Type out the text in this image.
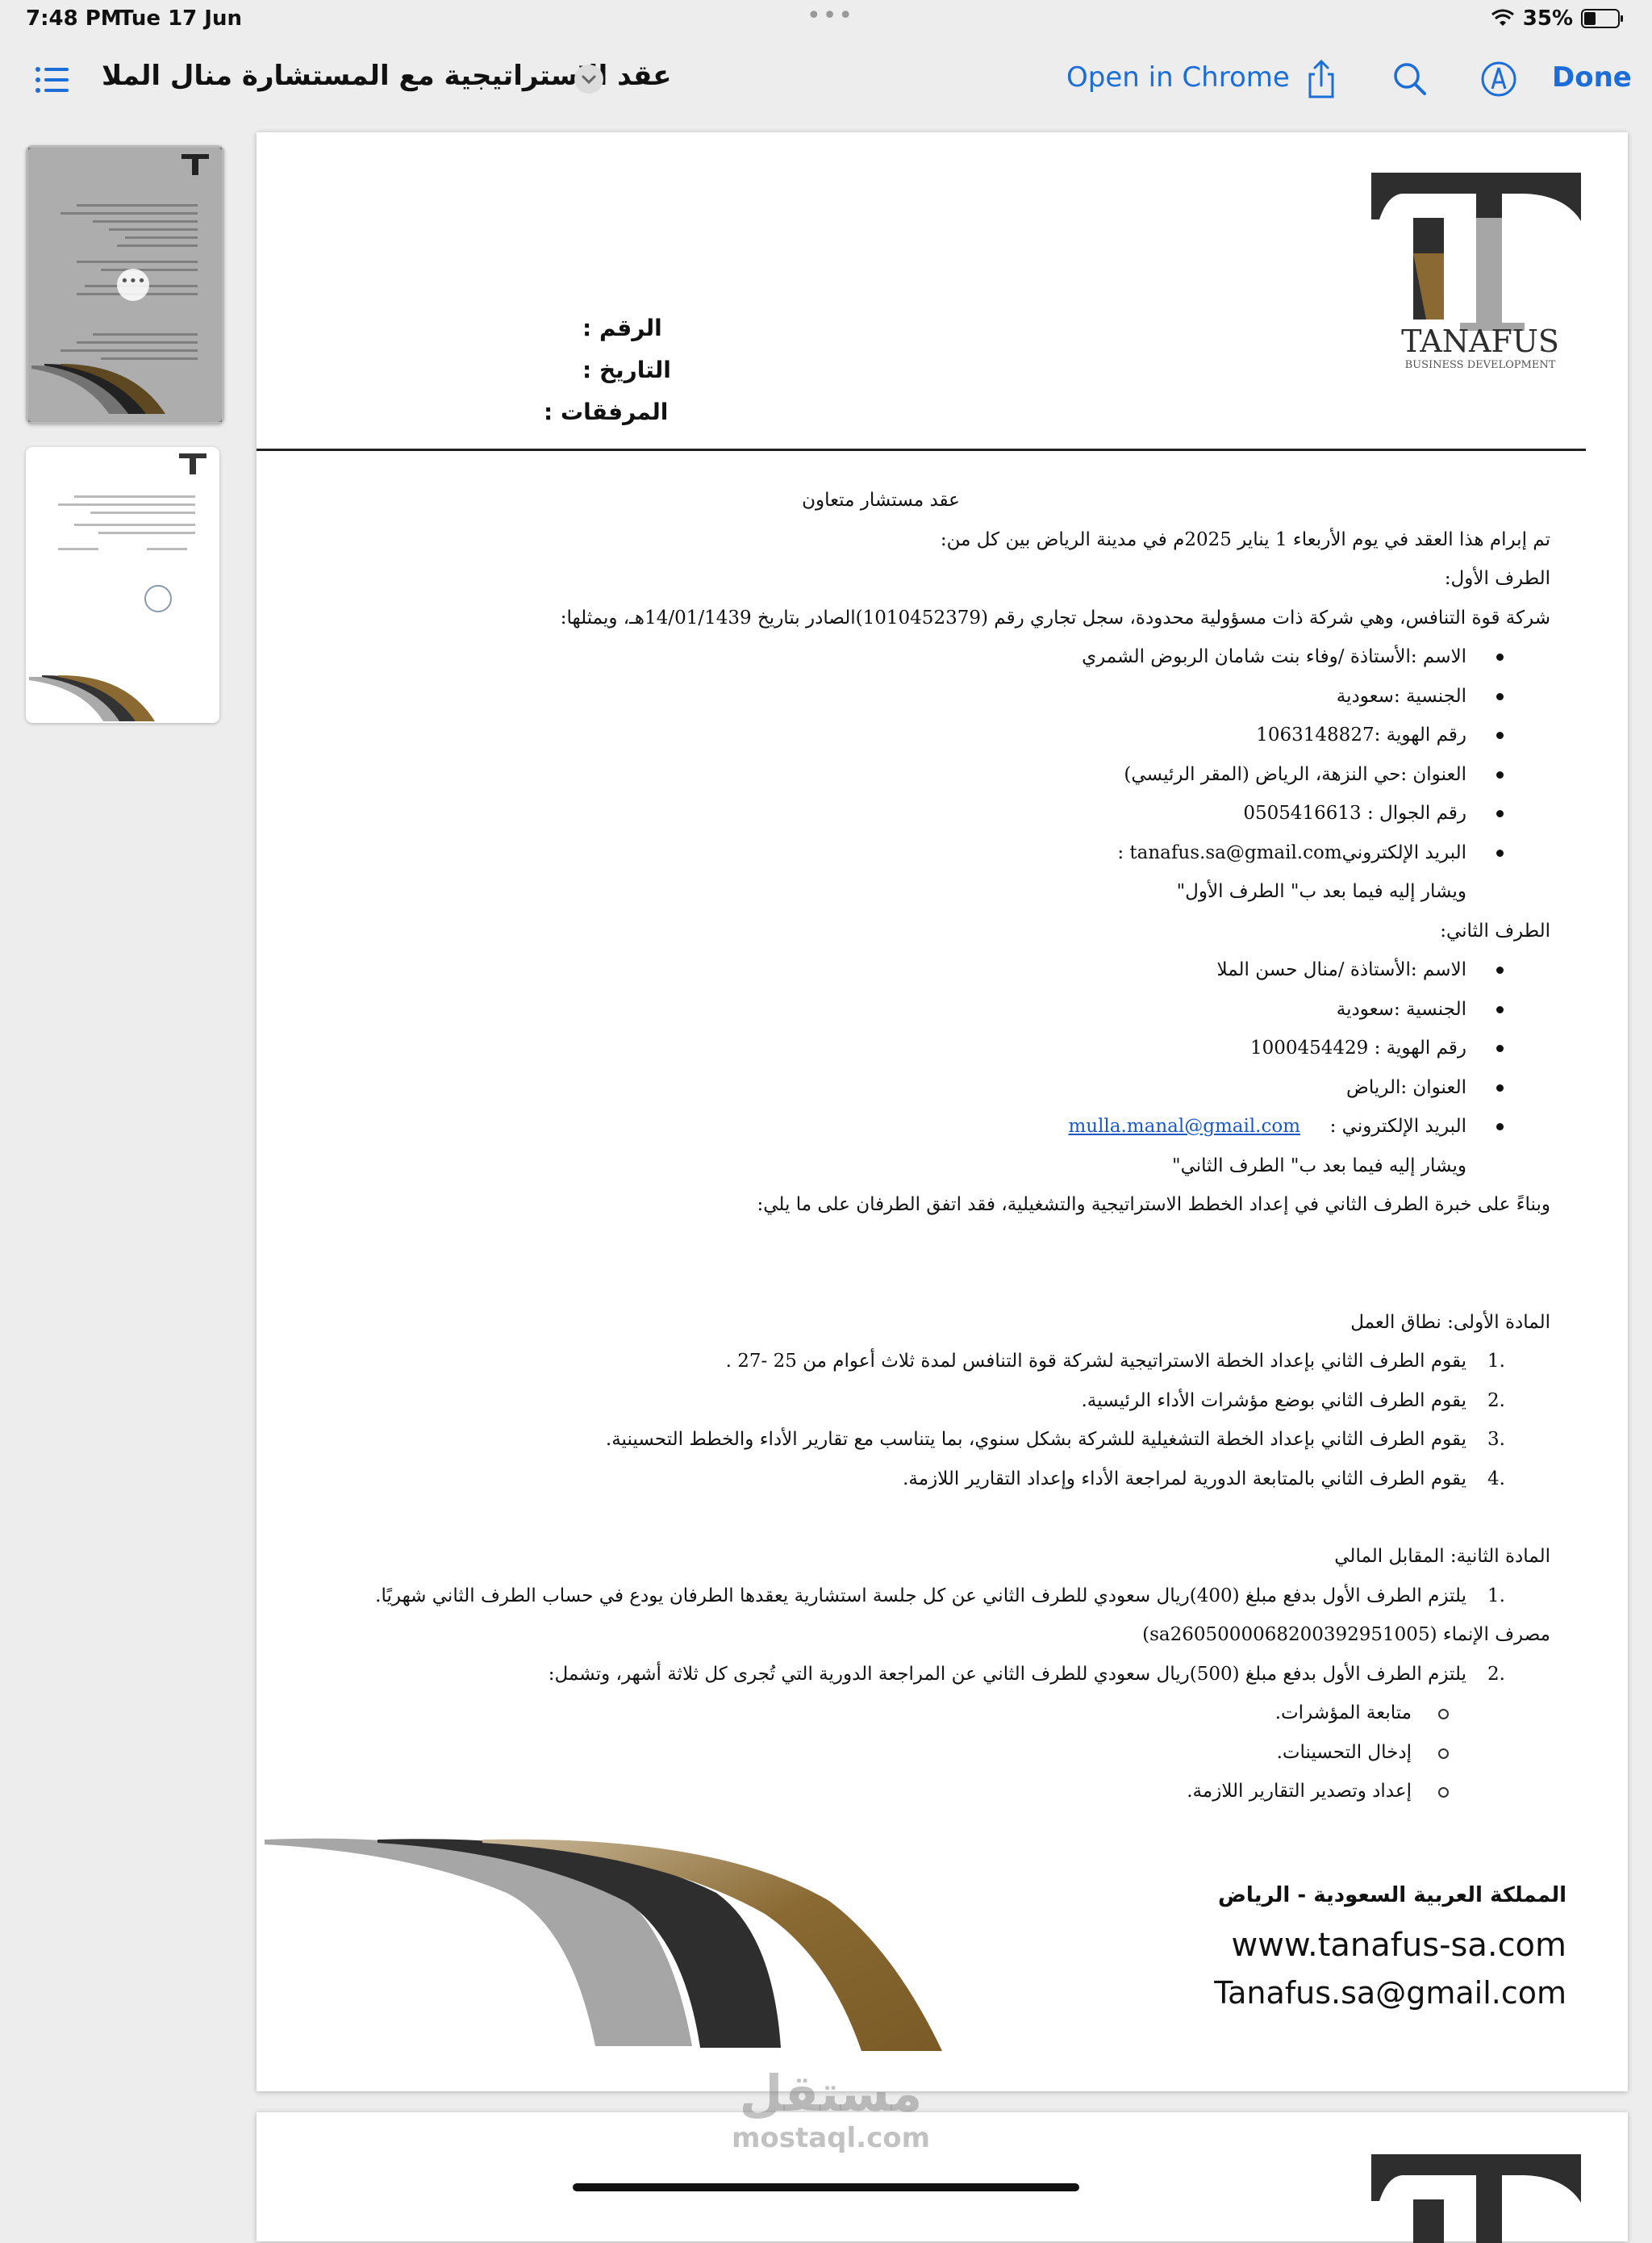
7:48 PM
Tue 17 Jun	•••	35%
عقد الاستراتيجية مع المستشارة منال الملا	Open in Chrome	Done
•••
TANAFUS
BUSINESS DEVELOPMENT
الرقم :
التاريخ :
المرفقات :

عقد مستشار متعاون

تم إبرام هذا العقد في يوم الأربعاء 1 يناير 2025م في مدينة الرياض بين كل من:

الطرف الأول:

شركة قوة التنافس، وهي شركة ذات مسؤولية محدودة، سجل تجاري رقم (1010452379)الصادر بتاريخ 14/01/1439هـ، ويمثلها:

الاسم :الأستاذة /وفاء بنت شامان الربوض الشمري

الجنسية :سعودية

رقم الهوية :1063148827

العنوان :حي النزهة، الرياض (المقر الرئيسي)

رقم الجوال : 0505416613

البريد الإلكترونيtanafus.sa@gmail.com :

ويشار إليه فيما بعد ب" الطرف الأول"

الطرف الثاني:

الاسم :الأستاذة /منال حسن الملا

الجنسية :سعودية

رقم الهوية : 1000454429

العنوان :الرياض

البريد الإلكتروني :     mulla.manal@gmail.com

ويشار إليه فيما بعد ب" الطرف الثاني"

وبناءً على خبرة الطرف الثاني في إعداد الخطط الاستراتيجية والتشغيلية، فقد اتفق الطرفان على ما يلي:

المادة الأولى: نطاق العمل

1.
يقوم الطرف الثاني بإعداد الخطة الاستراتيجية لشركة قوة التنافس لمدة ثلاث أعوام من 25 -27 .

2.
يقوم الطرف الثاني بوضع مؤشرات الأداء الرئيسية.

3.
يقوم الطرف الثاني بإعداد الخطة التشغيلية للشركة بشكل سنوي، بما يتناسب مع تقارير الأداء والخطط التحسينية.

4.
يقوم الطرف الثاني بالمتابعة الدورية لمراجعة الأداء وإعداد التقارير اللازمة.

المادة الثانية: المقابل المالي

1.
يلتزم الطرف الأول بدفع مبلغ (400)ريال سعودي للطرف الثاني عن كل جلسة استشارية يعقدها الطرفان يودع في حساب الطرف الثاني شهريًا.

مصرف الإنماء (sa2605000068200392951005)

2.
يلتزم الطرف الأول بدفع مبلغ (500)ريال سعودي للطرف الثاني عن المراجعة الدورية التي تُجرى كل ثلاثة أشهر، وتشمل:

متابعة المؤشرات.

إدخال التحسينات.

إعداد وتصدير التقارير اللازمة.

المملكة العربية السعودية - الرياض
www.tanafus-sa.com
Tanafus.sa@gmail.com
مستقل
mostaql.com
